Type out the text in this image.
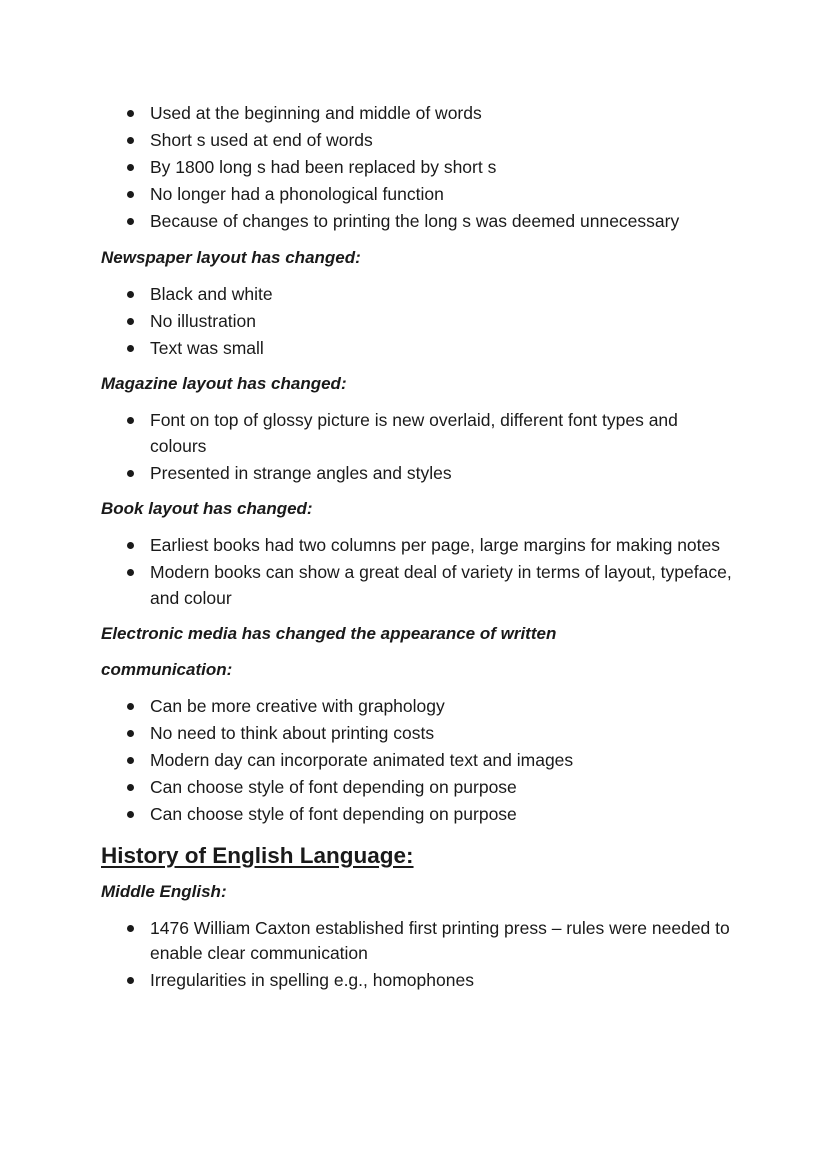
Used at the beginning and middle of words
Short s used at end of words
By 1800 long s had been replaced by short s
No longer had a phonological function
Because of changes to printing the long s was deemed unnecessary

Newspaper layout has changed:

Black and white
No illustration
Text was small

Magazine layout has changed:

Font on top of glossy picture is new overlaid, different font types and colours
Presented in strange angles and styles

Book layout has changed:

Earliest books had two columns per page, large margins for making notes
Modern books can show a great deal of variety in terms of layout, typeface, and colour

Electronic media has changed the appearance of written

communication:

Can be more creative with graphology
No need to think about printing costs
Modern day can incorporate animated text and images
Can choose style of font depending on purpose
Can choose style of font depending on purpose
History of English Language:

Middle English:

1476 William Caxton established first printing press – rules were needed to enable clear communication
Irregularities in spelling e.g., homophones
